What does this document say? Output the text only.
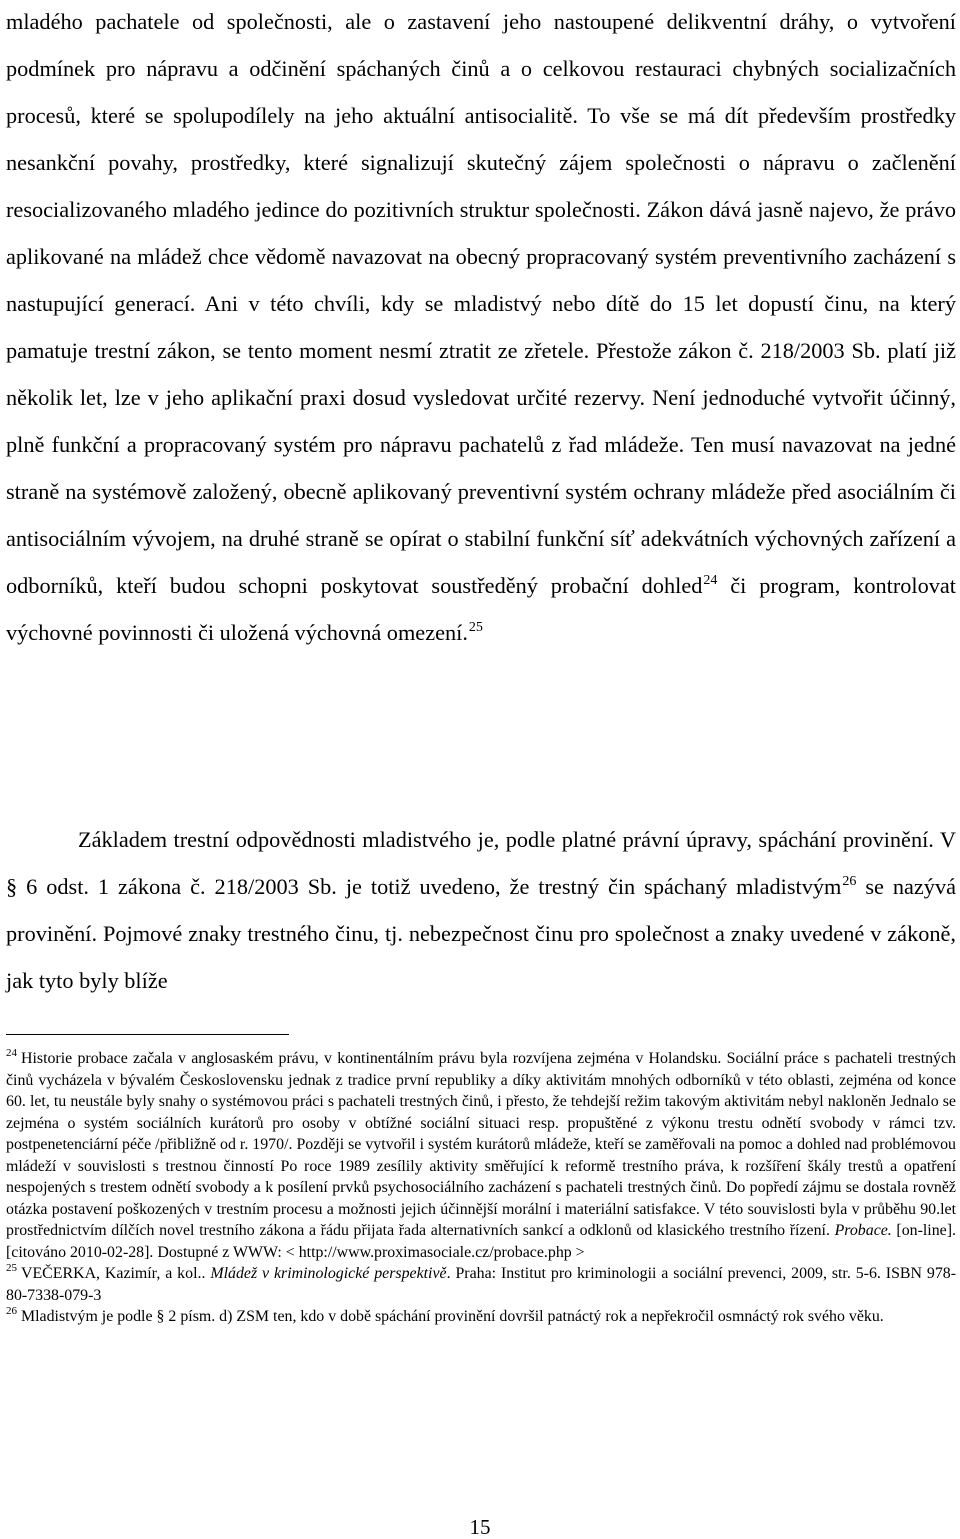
mladého pachatele od společnosti, ale o zastavení jeho nastoupené delikventní dráhy, o vytvoření podmínek pro nápravu a odčinění spáchaných činů a o celkovou restauraci chybných socializačních procesů, které se spolupodílely na jeho aktuální antisocialitě. To vše se má dít především prostředky nesankční povahy, prostředky, které signalizují skutečný zájem společnosti o nápravu o začlenění resocializovaného mladého jedince do pozitivních struktur společnosti. Zákon dává jasně najevo, že právo aplikované na mládež chce vědomě navazovat na obecný propracovaný systém preventivního zacházení s nastupující generací. Ani v této chvíli, kdy se mladistvý nebo dítě do 15 let dopustí činu, na který pamatuje trestní zákon, se tento moment nesmí ztratit ze zřetele. Přestože zákon č. 218/2003 Sb. platí již několik let, lze v jeho aplikační praxi dosud vysledovat určité rezervy. Není jednoduché vytvořit účinný, plně funkční a propracovaný systém pro nápravu pachatelů z řad mládeže. Ten musí navazovat na jedné straně na systémově založený, obecně aplikovaný preventivní systém ochrany mládeže před asociálním či antisociálním vývojem, na druhé straně se opírat o stabilní funkční síť adekvátních výchovných zařízení a odborníků, kteří budou schopni poskytovat soustředěný probační dohled$^{24}$ či program, kontrolovat výchovné povinnosti či uložená výchovná omezení.$^{25}$

Základem trestní odpovědnosti mladistvého je, podle platné právní úpravy, spáchání provinění. V § 6 odst. 1 zákona č. 218/2003 Sb. je totiž uvedeno, že trestný čin spáchaný mladistvým$^{26}$ se nazývá provinění. Pojmové znaky trestného činu, tj. nebezpečnost činu pro společnost a znaky uvedené v zákoně, jak tyto byly blíže

$^{24}$ Historie probace začala v anglosaském právu, v kontinentálním právu byla rozvíjena zejména v Holandsku. Sociální práce s pachateli trestných činů vycházela v bývalém Československu jednak z tradice první republiky a díky aktivitám mnohých odborníků v této oblasti, zejména od konce 60. let, tu neustále byly snahy o systémovou práci s pachateli trestných činů, i přesto, že tehdejší režim takovým aktivitám nebyl nakloněn Jednalo se zejména o systém sociálních kurátorů pro osoby v obtížné sociální situaci resp. propuštěné z výkonu trestu odnětí svobody v rámci tzv. postpenetenciární péče /přibližně od r. 1970/. Později se vytvořil i systém kurátorů mládeže, kteří se zaměřovali na pomoc a dohled nad problémovou mládeží v souvislosti s trestnou činností Po roce 1989 zesílily aktivity směřující k reformě trestního práva, k rozšíření škály trestů a opatření nespojených s trestem odnětí svobody a k posílení prvků psychosociálního zacházení s pachateli trestných činů. Do popředí zájmu se dostala rovněž otázka postavení poškozených v trestním procesu a možnosti jejich účinnější morální i materiální satisfakce. V této souvislosti byla v průběhu 90.let prostřednictvím dílčích novel trestního zákona a řádu přijata řada alternativních sankcí a odklonů od klasického trestního řízení. Probace. [on-line]. [citováno 2010-02-28]. Dostupné z WWW: < http://www.proximasociale.cz/probace.php >

$^{25}$ VEČERKA, Kazimír, a kol.. Mládež v kriminologické perspektivě. Praha: Institut pro kriminologii a sociální prevenci, 2009, str. 5-6. ISBN 978-80-7338-079-3

$^{26}$ Mladistvým je podle § 2 písm. d) ZSM ten, kdo v době spáchání provinění dovršil patnáctý rok a nepřekročil osmnáctý rok svého věku.

15
